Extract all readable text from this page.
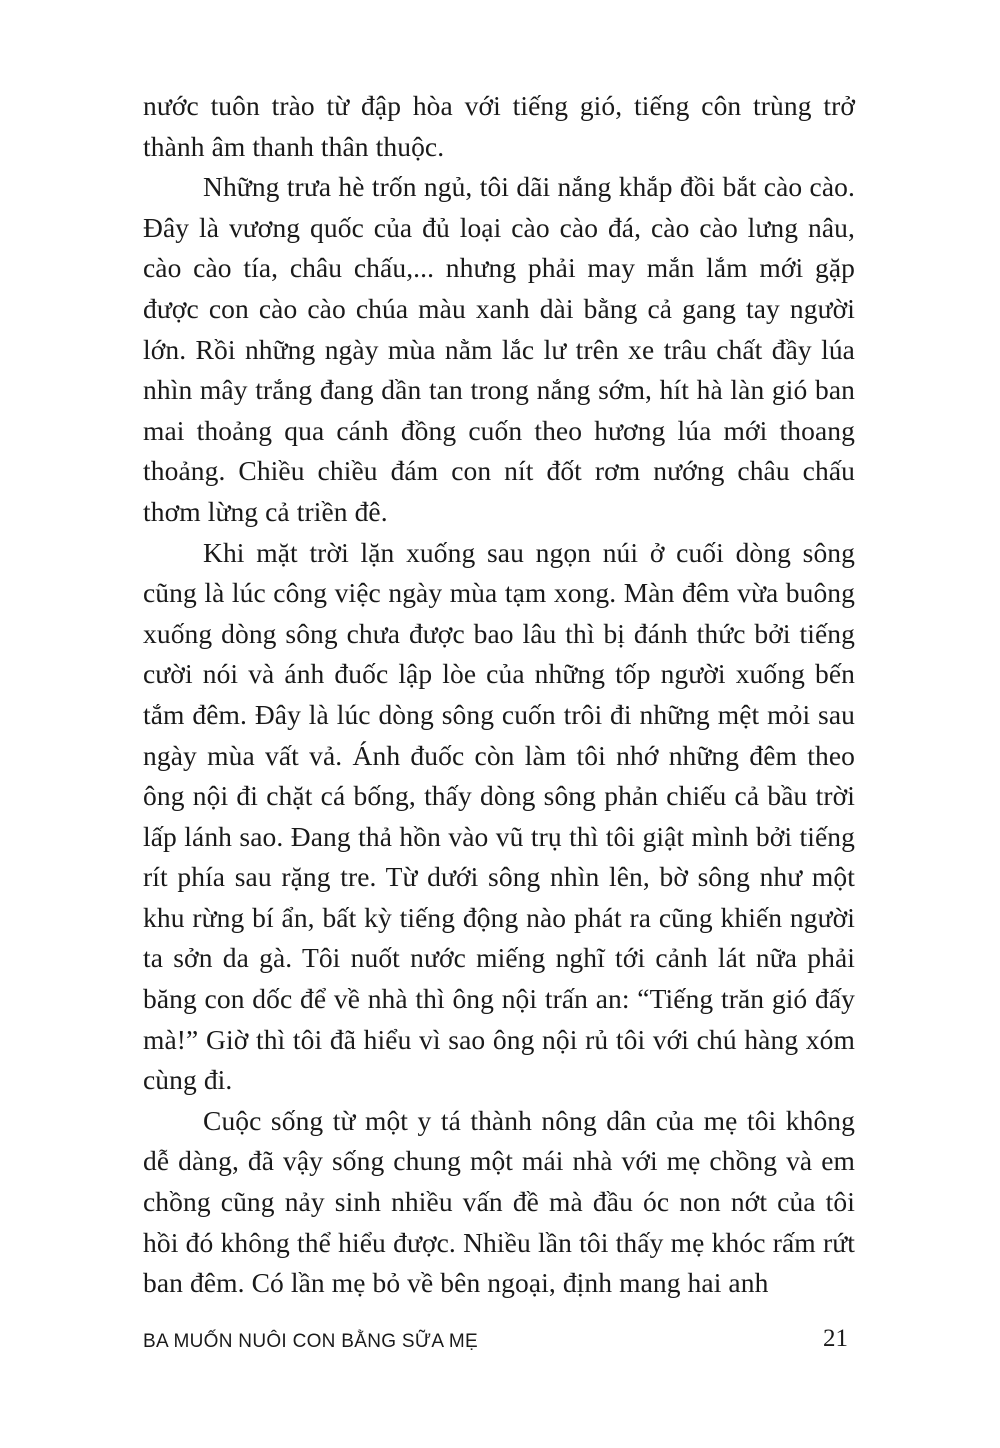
nước tuôn trào từ đập hòa với tiếng gió, tiếng côn trùng trở thành âm thanh thân thuộc.

Những trưa hè trốn ngủ, tôi dãi nắng khắp đồi bắt cào cào. Đây là vương quốc của đủ loại cào cào đá, cào cào lưng nâu, cào cào tía, châu chấu,... nhưng phải may mắn lắm mới gặp được con cào cào chúa màu xanh dài bằng cả gang tay người lớn. Rồi những ngày mùa nằm lắc lư trên xe trâu chất đầy lúa nhìn mây trắng đang dần tan trong nắng sớm, hít hà làn gió ban mai thoảng qua cánh đồng cuốn theo hương lúa mới thoang thoảng. Chiều chiều đám con nít đốt rơm nướng châu chấu thơm lừng cả triền đê.

Khi mặt trời lặn xuống sau ngọn núi ở cuối dòng sông cũng là lúc công việc ngày mùa tạm xong. Màn đêm vừa buông xuống dòng sông chưa được bao lâu thì bị đánh thức bởi tiếng cười nói và ánh đuốc lập lòe của những tốp người xuống bến tắm đêm. Đây là lúc dòng sông cuốn trôi đi những mệt mỏi sau ngày mùa vất vả. Ánh đuốc còn làm tôi nhớ những đêm theo ông nội đi chặt cá bống, thấy dòng sông phản chiếu cả bầu trời lấp lánh sao. Đang thả hồn vào vũ trụ thì tôi giật mình bởi tiếng rít phía sau rặng tre. Từ dưới sông nhìn lên, bờ sông như một khu rừng bí ẩn, bất kỳ tiếng động nào phát ra cũng khiến người ta sởn da gà. Tôi nuốt nước miếng nghĩ tới cảnh lát nữa phải băng con dốc để về nhà thì ông nội trấn an: “Tiếng trăn gió đấy mà!” Giờ thì tôi đã hiểu vì sao ông nội rủ tôi với chú hàng xóm cùng đi.

Cuộc sống từ một y tá thành nông dân của mẹ tôi không dễ dàng, đã vậy sống chung một mái nhà với mẹ chồng và em chồng cũng nảy sinh nhiều vấn đề mà đầu óc non nớt của tôi hồi đó không thể hiểu được. Nhiều lần tôi thấy mẹ khóc rấm rứt ban đêm. Có lần mẹ bỏ về bên ngoại, định mang hai anh

BA MUỐN NUÔI CON BẰNG SỮA MẸ	21
